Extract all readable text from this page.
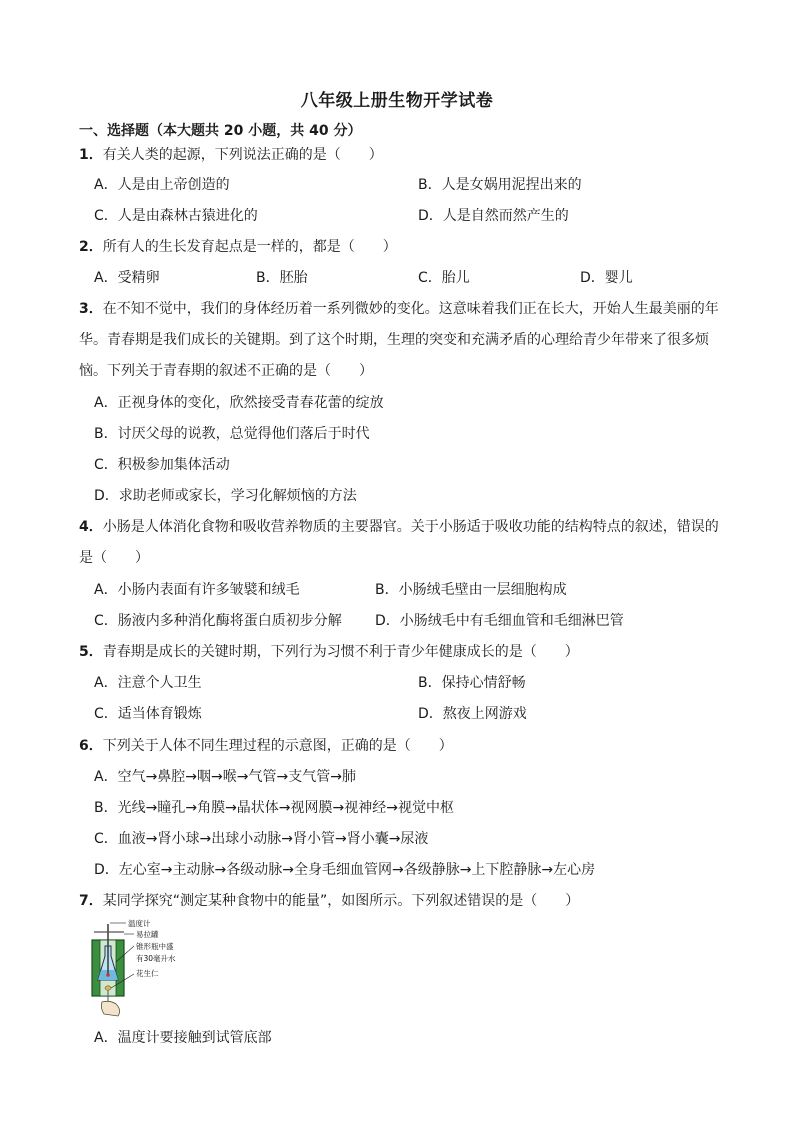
八年级上册生物开学试卷
一、选择题（本大题共 20 小题，共 40 分）
1．有关人类的起源，下列说法正确的是（　　）
A．人是由上帝创造的	B．人是女娲用泥捏出来的
C．人是由森林古猿进化的	D．人是自然而然产生的
2．所有人的生长发育起点是一样的，都是（　　）
A．受精卵	B．胚胎	C．胎儿	D．婴儿
3．在不知不觉中，我们的身体经历着一系列微妙的变化。这意味着我们正在长大，开始人生最美丽的年
华。青春期是我们成长的关键期。到了这个时期，生理的突变和充满矛盾的心理给青少年带来了很多烦
恼。下列关于青春期的叙述不正确的是（　　）
A．正视身体的变化，欣然接受青春花蕾的绽放
B．讨厌父母的说教，总觉得他们落后于时代
C．积极参加集体活动
D．求助老师或家长，学习化解烦恼的方法
4．小肠是人体消化食物和吸收营养物质的主要器官。关于小肠适于吸收功能的结构特点的叙述，错误的
是（　　）
A．小肠内表面有许多皱襞和绒毛	B．小肠绒毛壁由一层细胞构成
C．肠液内多种消化酶将蛋白质初步分解 D．小肠绒毛中有毛细血管和毛细淋巴管
5．青春期是成长的关键时期，下列行为习惯不利于青少年健康成长的是（　　）
A．注意个人卫生	B．保持心情舒畅
C．适当体育锻炼	D．熬夜上网游戏
6．下列关于人体不同生理过程的示意图，正确的是（　　）
A．空气→鼻腔→咽→喉→气管→支气管→肺
B．光线→瞳孔→角膜→晶状体→视网膜→视神经→视觉中枢
C．血液→肾小球→出球小动脉→肾小管→肾小囊→尿液
D．左心室→主动脉→各级动脉→全身毛细血管网→各级静脉→上下腔静脉→左心房
7．某同学探究“测定某种食物中的能量”，如图所示。下列叙述错误的是（　　）
温度计
易拉罐
锥形瓶中盛
有30毫升水
花生仁
A．温度计要接触到试管底部
